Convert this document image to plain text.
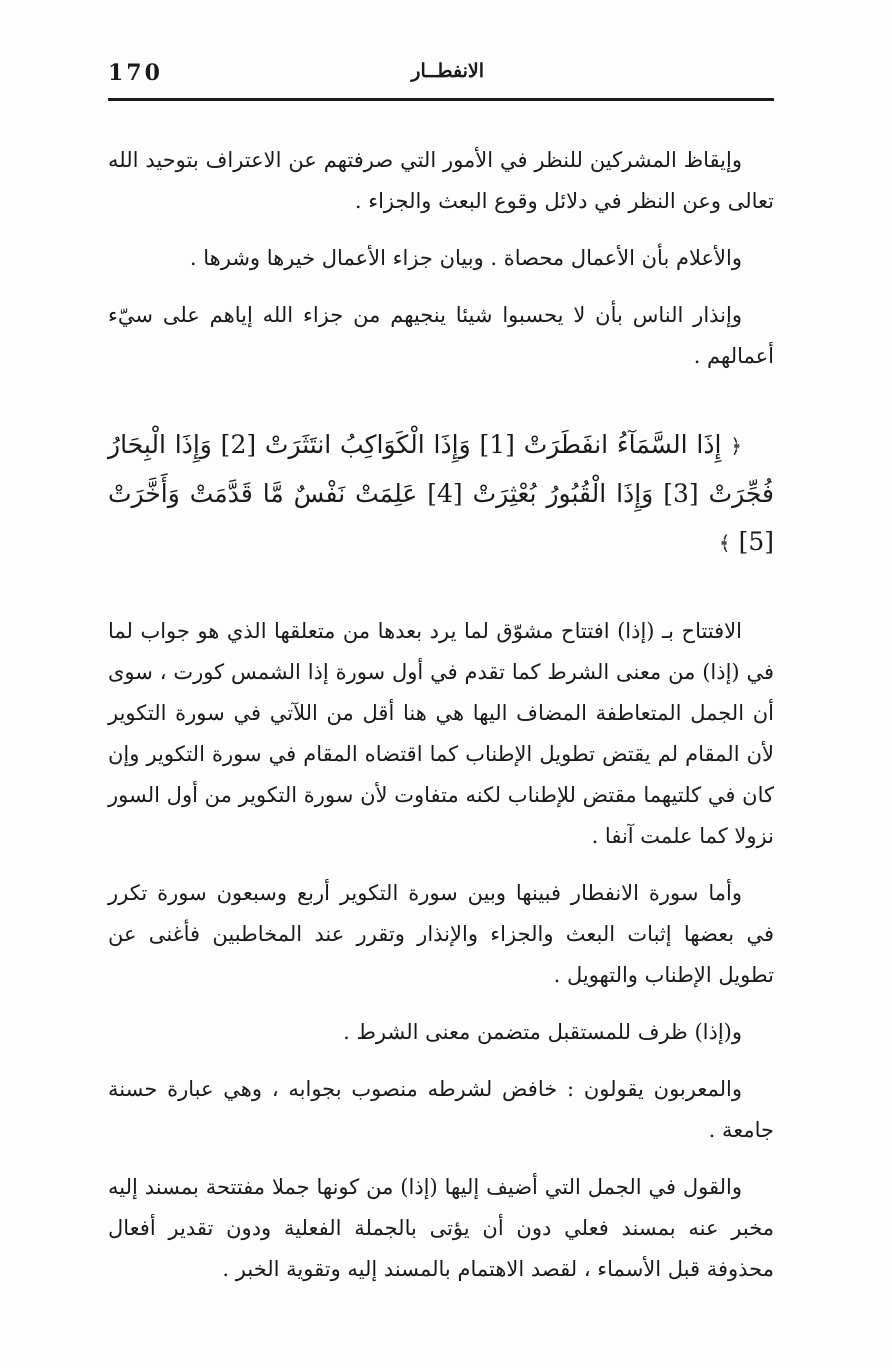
170	الانفطــار

وإيقاظ المشركين للنظر في الأمور التي صرفتهم عن الاعتراف بتوحيد الله تعالى وعن النظر في دلائل وقوع البعث والجزاء .

والأعلام بأن الأعمال محصاة . وبيان جزاء الأعمال خيرها وشرها .

وإنذار الناس بأن لا يحسبوا شيئا ينجيهم من جزاء الله إياهم على سيّء أعمالهم .

﴿ إِذَا السَّمَآءُ انفَطَرَتْ [1] وَإِذَا الْكَوَاكِبُ انتَثَرَتْ [2] وَإِذَا الْبِحَارُ فُجِّرَتْ [3] وَإِذَا الْقُبُورُ بُعْثِرَتْ [4] عَلِمَتْ نَفْسٌ مَّا قَدَّمَتْ وَأَخَّرَتْ [5] ﴾

الافتتاح بـ (إذا) افتتاح مشوّق لما يرد بعدها من متعلقها الذي هو جواب لما في (إذا) من معنى الشرط كما تقدم في أول سورة إذا الشمس كورت ، سوى أن الجمل المتعاطفة المضاف اليها هي هنا أقل من اللآتي في سورة التكوير لأن المقام لم يقتض تطويل الإطناب كما اقتضاه المقام في سورة التكوير وإن كان في كلتيهما مقتض للإطناب لكنه متفاوت لأن سورة التكوير من أول السور نزولا كما علمت آنفا .

وأما سورة الانفطار فبينها وبين سورة التكوير أربع وسبعون سورة تكرر في بعضها إثبات البعث والجزاء والإنذار وتقرر عند المخاطبين فأغنى عن تطويل الإطناب والتهويل .

و(إذا) ظرف للمستقبل متضمن معنى الشرط .

والمعربون يقولون : خافض لشرطه منصوب بجوابه ، وهي عبارة حسنة جامعة .

والقول في الجمل التي أضيف إليها (إذا) من كونها جملا مفتتحة بمسند إليه مخبر عنه بمسند فعلي دون أن يؤتى بالجملة الفعلية ودون تقدير أفعال محذوفة قبل الأسماء ، لقصد الاهتمام بالمسند إليه وتقوية الخبر .
